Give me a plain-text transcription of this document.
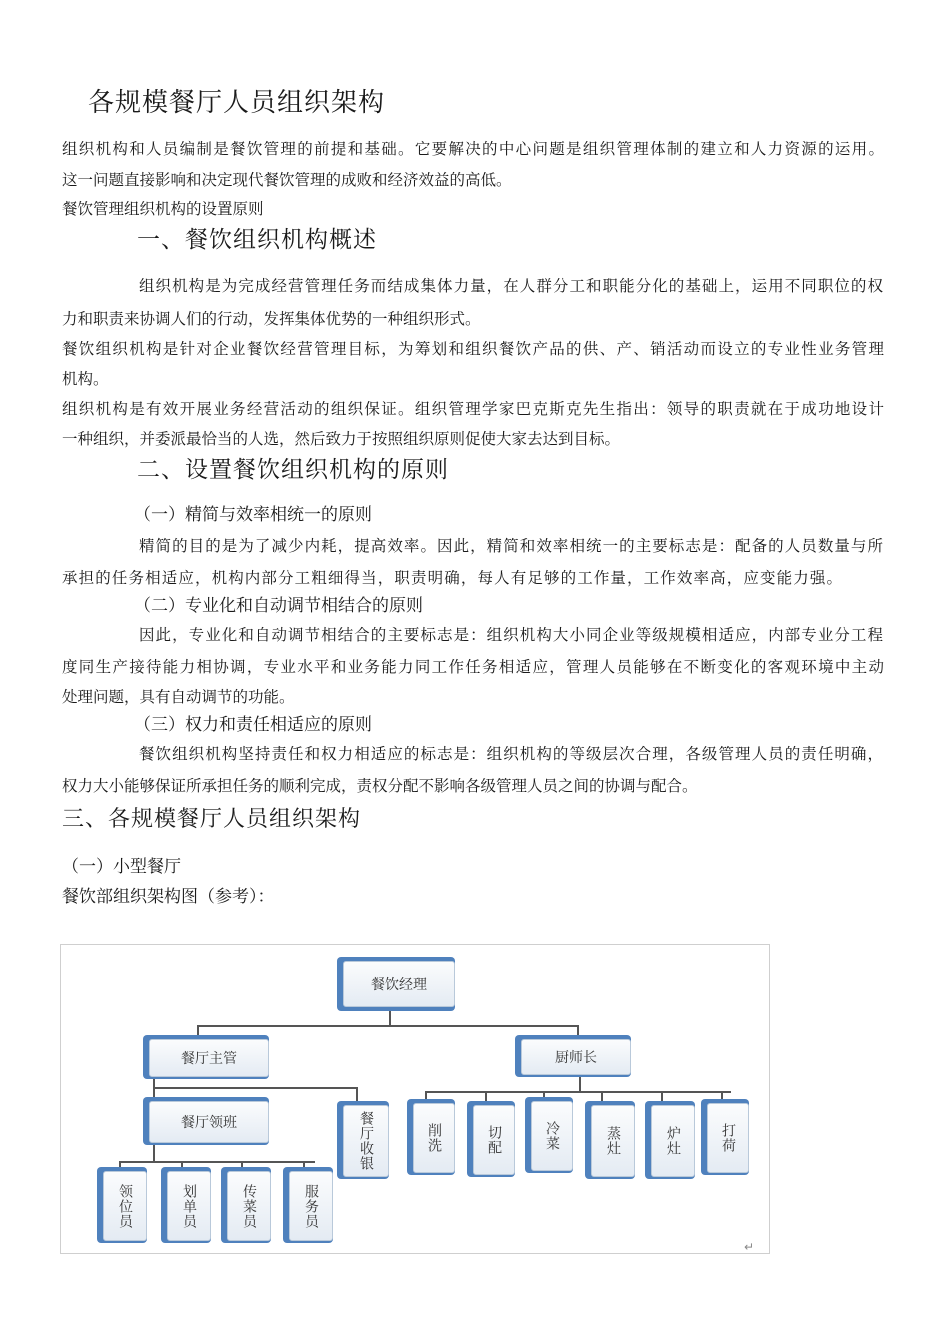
各规模餐厅人员组织架构
组织机构和人员编制是餐饮管理的前提和基础。它要解决的中心问题是组织管理体制的建立和人力资源的运用。
这一问题直接影响和决定现代餐饮管理的成败和经济效益的高低。
餐饮管理组织机构的设置原则
一、餐饮组织机构概述
组织机构是为完成经营管理任务而结成集体力量，在人群分工和职能分化的基础上，运用不同职位的权
力和职责来协调人们的行动，发挥集体优势的一种组织形式。
餐饮组织机构是针对企业餐饮经营管理目标，为筹划和组织餐饮产品的供、产、销活动而设立的专业性业务管理
机构。
组织机构是有效开展业务经营活动的组织保证。组织管理学家巴克斯克先生指出：领导的职责就在于成功地设计
一种组织，并委派最恰当的人选，然后致力于按照组织原则促使大家去达到目标。
二、设置餐饮组织机构的原则
（一）精简与效率相统一的原则
精简的目的是为了减少内耗，提高效率。因此，精简和效率相统一的主要标志是：配备的人员数量与所
承担的任务相适应，机构内部分工粗细得当，职责明确，每人有足够的工作量，工作效率高，应变能力强。
（二）专业化和自动调节相结合的原则
因此，专业化和自动调节相结合的主要标志是：组织机构大小同企业等级规模相适应，内部专业分工程
度同生产接待能力相协调，专业水平和业务能力同工作任务相适应，管理人员能够在不断变化的客观环境中主动
处理问题，具有自动调节的功能。
（三）权力和责任相适应的原则
餐饮组织机构坚持责任和权力相适应的标志是：组织机构的等级层次合理，各级管理人员的责任明确，
权力大小能够保证所承担任务的顺利完成，责权分配不影响各级管理人员之间的协调与配合。
三、各规模餐厅人员组织架构
（一）小型餐厅
餐饮部组织架构图（参考）：
餐饮经理
餐厅主管	厨师长
餐厅领班	餐厅收银	削洗	切配	冷菜	蒸灶	炉灶	打荷
领位员	划单员	传菜员	服务员
↵
